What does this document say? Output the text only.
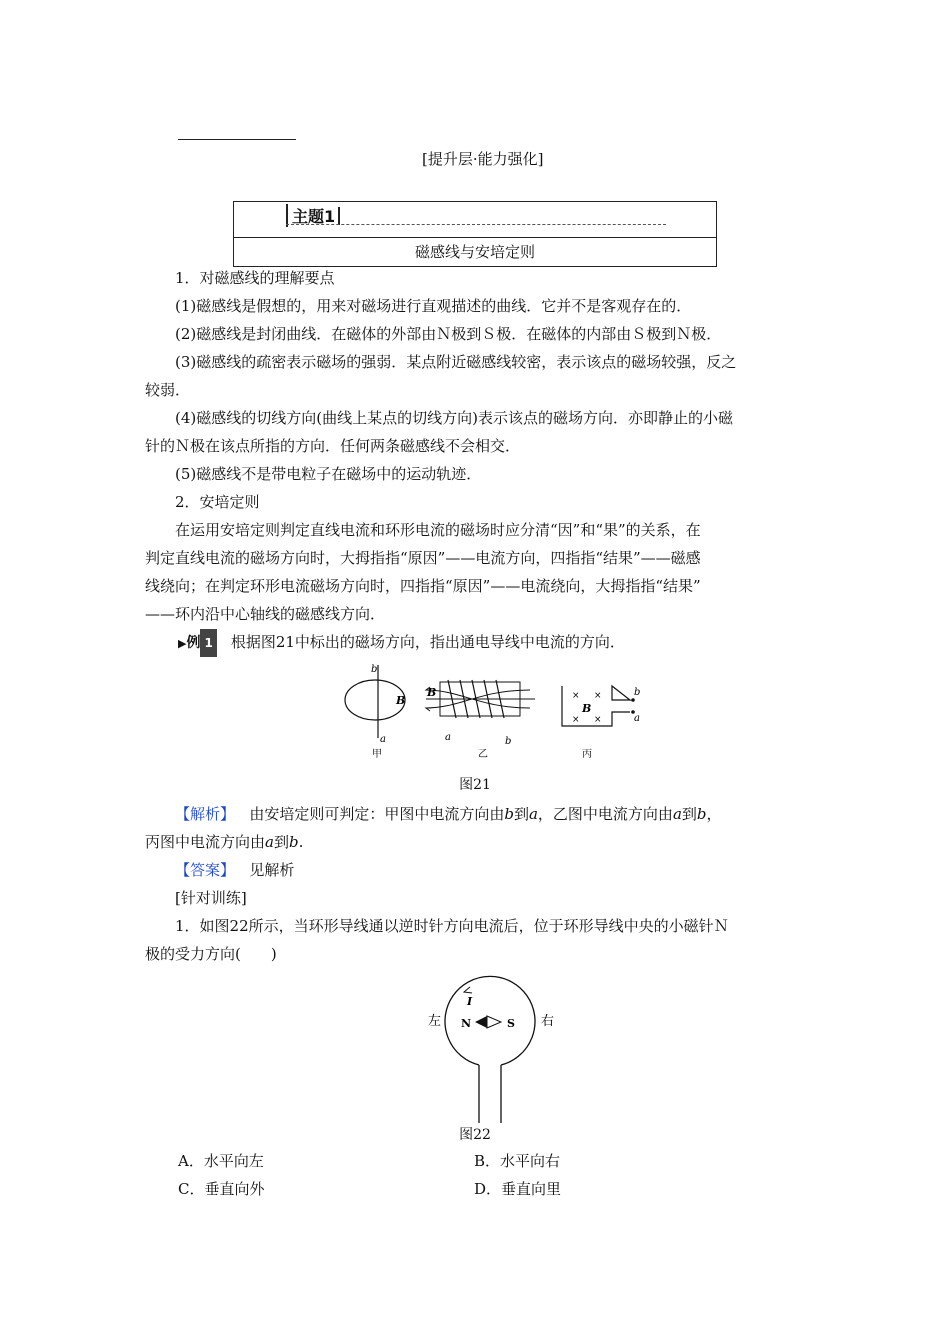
[提升层·能力强化]
主题1
磁感线与安培定则
1．对磁感线的理解要点
(1)磁感线是假想的，用来对磁场进行直观描述的曲线．它并不是客观存在的．
(2)磁感线是封闭曲线．在磁体的外部由Ｎ极到Ｓ极．在磁体的内部由Ｓ极到Ｎ极．
(3)磁感线的疏密表示磁场的强弱．某点附近磁感线较密，表示该点的磁场较强，反之
较弱．
(4)磁感线的切线方向(曲线上某点的切线方向)表示该点的磁场方向．亦即静止的小磁
针的Ｎ极在该点所指的方向．任何两条磁感线不会相交．
(5)磁感线不是带电粒子在磁场中的运动轨迹．
2．安培定则
在运用安培定则判定直线电流和环形电流的磁场时应分清“因”和“果”的关系，在
判定直线电流的磁场方向时，大拇指指“原因”——电流方向，四指指“结果”——磁感
线绕向；在判定环形电流磁场方向时，四指指“原因”——电流绕向，大拇指指“结果”
——环内沿中心轴线的磁感线方向．
▶例 1 根据图21中标出的磁场方向，指出通电导线中电流的方向．
b
B
a
甲
B
a	b
乙
× ×
× ×
B
b
a
丙
图21
【解析】 由安培定则可判定：甲图中电流方向由b到a，乙图中电流方向由a到b，
丙图中电流方向由a到b.
【答案】 见解析
[针对训练]
1．如图22所示，当环形导线通以逆时针方向电流后，位于环形导线中央的小磁针Ｎ
极的受力方向(　　)
I
左	右
N	S
图22
A．水平向左	B．水平向右
C．垂直向外	D．垂直向里
